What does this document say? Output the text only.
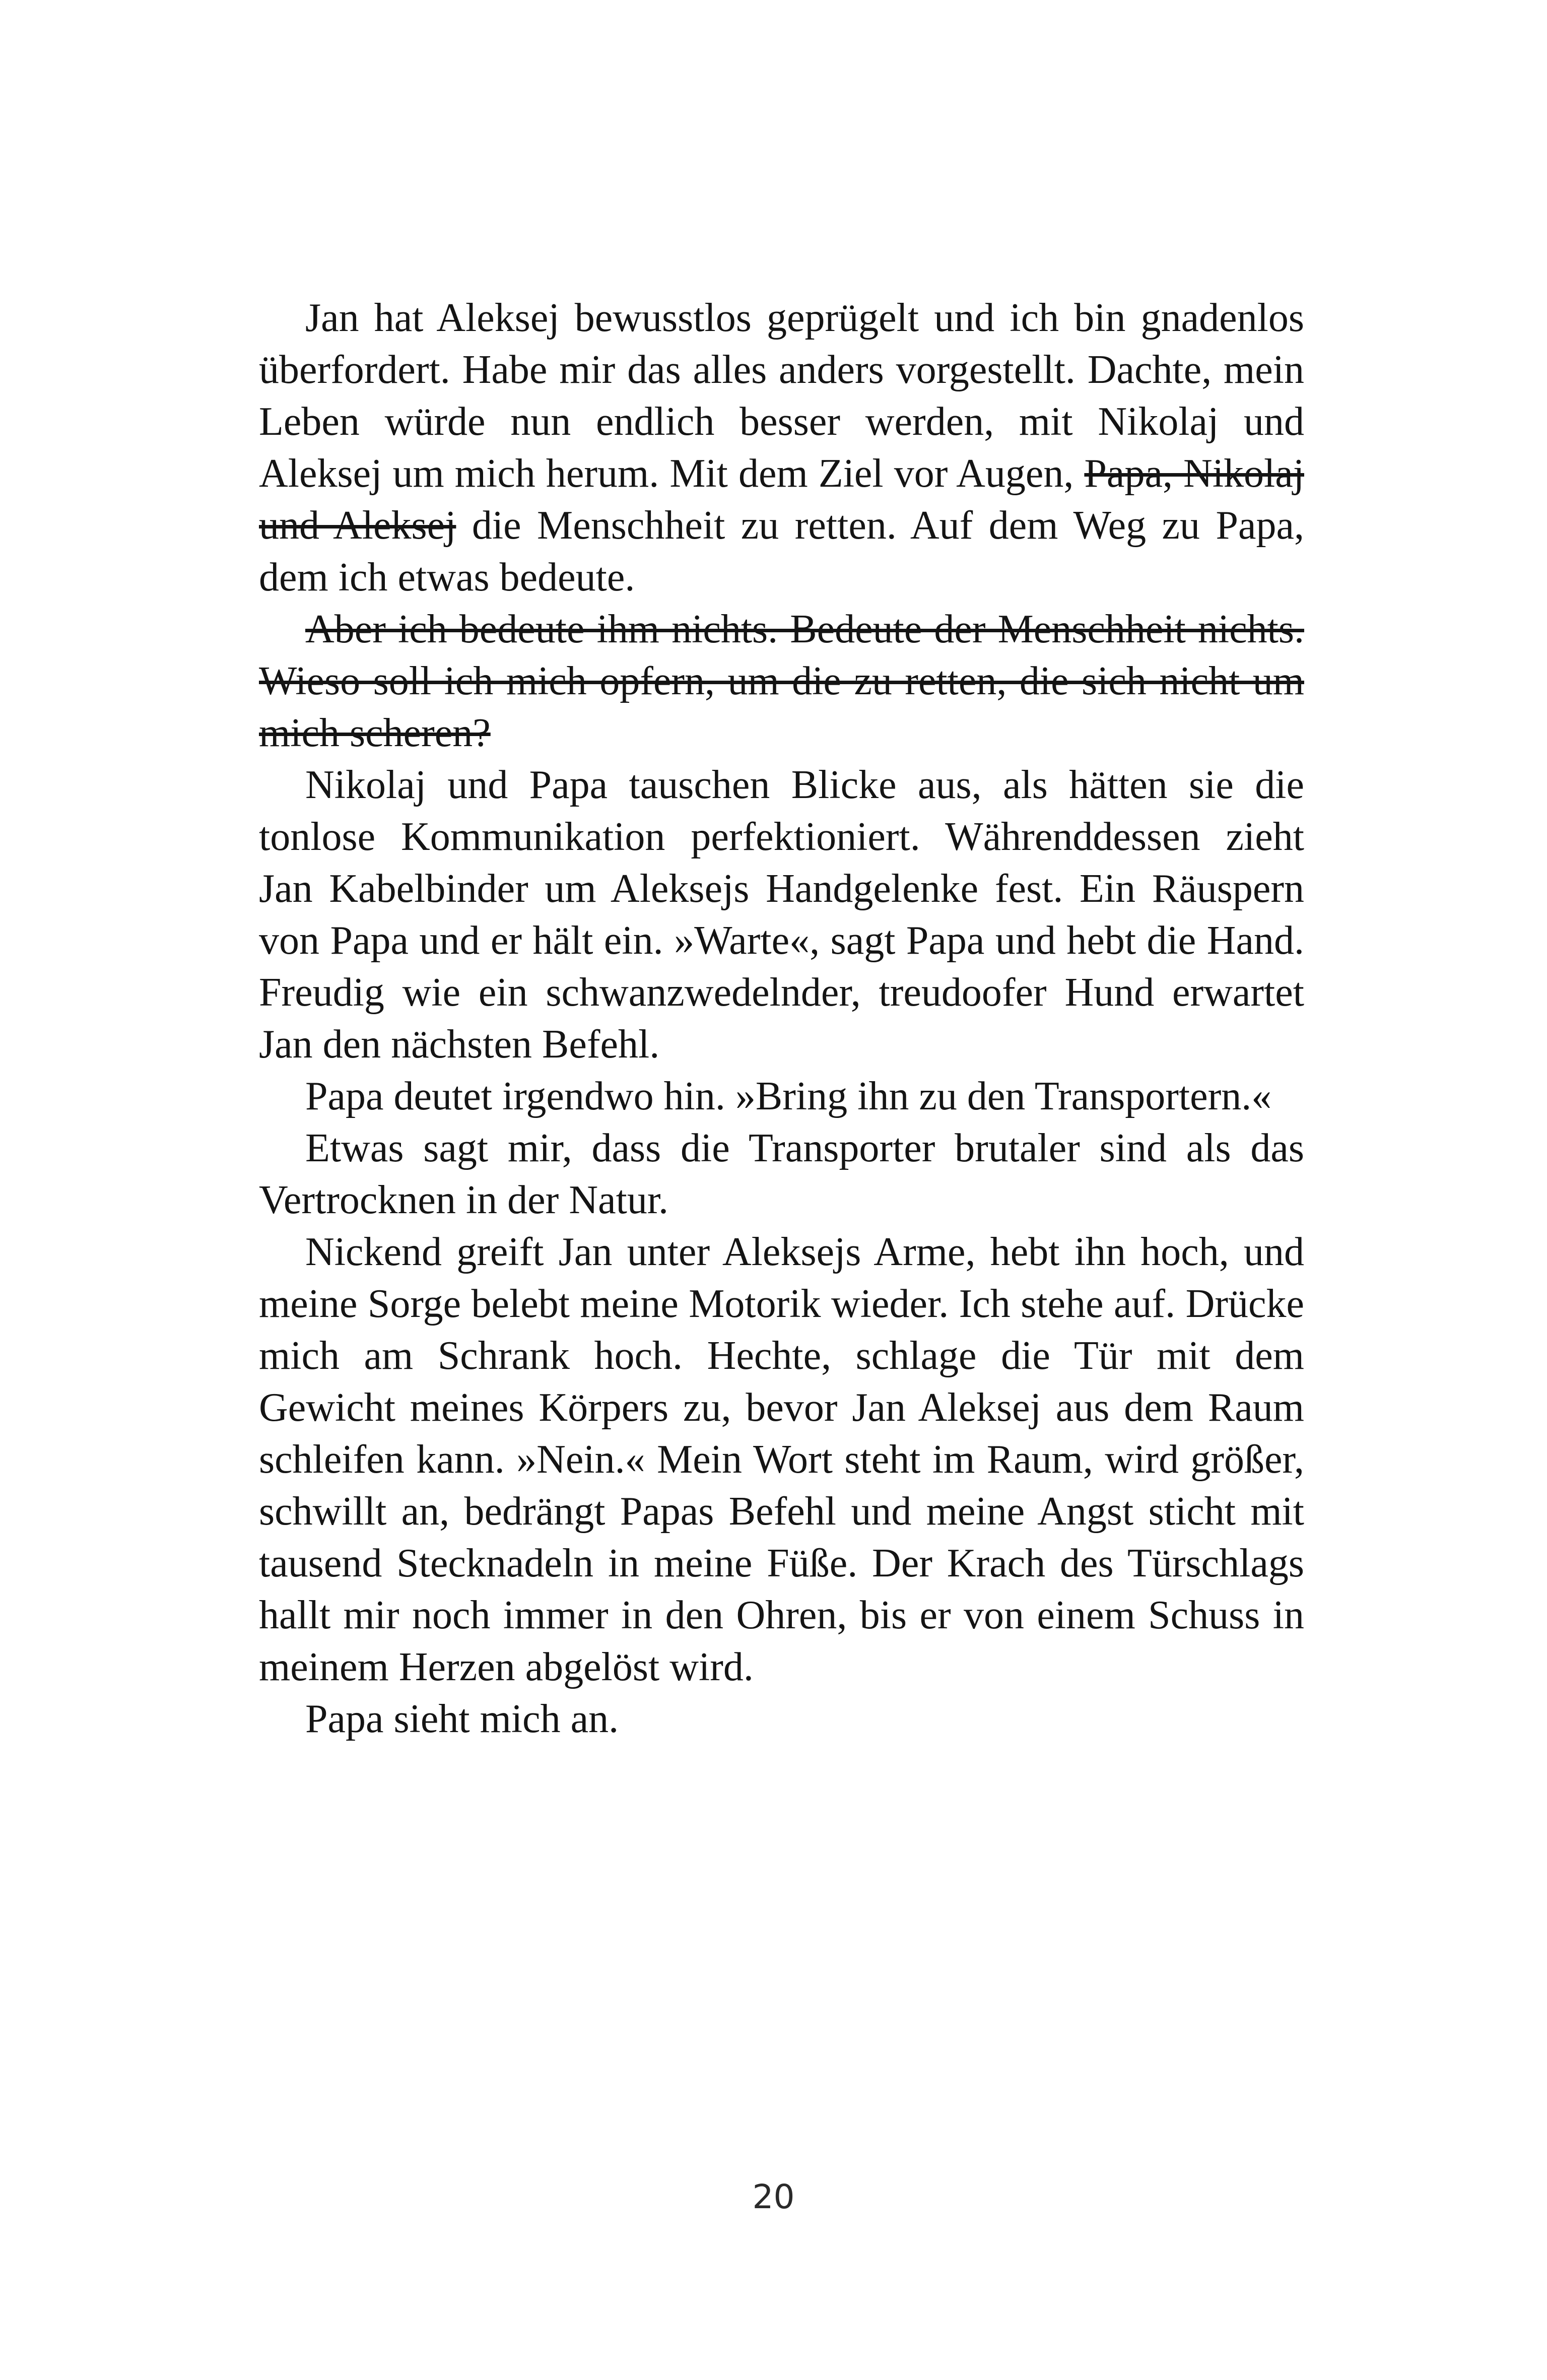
Jan hat Aleksej bewusstlos geprügelt und ich bin gnadenlos überfordert. Habe mir das alles anders vorgestellt. Dachte, mein Leben würde nun endlich besser werden, mit Nikolaj und Aleksej um mich herum. Mit dem Ziel vor Augen, Papa, Nikolaj und Aleksej die Menschheit zu retten. Auf dem Weg zu Papa, dem ich etwas bedeute.

Aber ich bedeute ihm nichts. Bedeute der Menschheit nichts. Wieso soll ich mich opfern, um die zu retten, die sich nicht um mich scheren?

Nikolaj und Papa tauschen Blicke aus, als hätten sie die tonlose Kommunikation perfektioniert. Währenddessen zieht Jan Kabelbinder um Aleksejs Handgelenke fest. Ein Räuspern von Papa und er hält ein. »Warte«, sagt Papa und hebt die Hand. Freudig wie ein schwanzwedelnder, treudoofer Hund erwartet Jan den nächsten Befehl.

Papa deutet irgendwo hin. »Bring ihn zu den Transportern.«

Etwas sagt mir, dass die Transporter brutaler sind als das Vertrocknen in der Natur.

Nickend greift Jan unter Aleksejs Arme, hebt ihn hoch, und meine Sorge belebt meine Motorik wieder. Ich stehe auf. Drücke mich am Schrank hoch. Hechte, schlage die Tür mit dem Gewicht meines Körpers zu, bevor Jan Aleksej aus dem Raum schleifen kann. »Nein.« Mein Wort steht im Raum, wird größer, schwillt an, bedrängt Papas Befehl und meine Angst sticht mit tausend Stecknadeln in meine Füße. Der Krach des Türschlags hallt mir noch immer in den Ohren, bis er von einem Schuss in meinem Herzen abgelöst wird.

Papa sieht mich an.

20
